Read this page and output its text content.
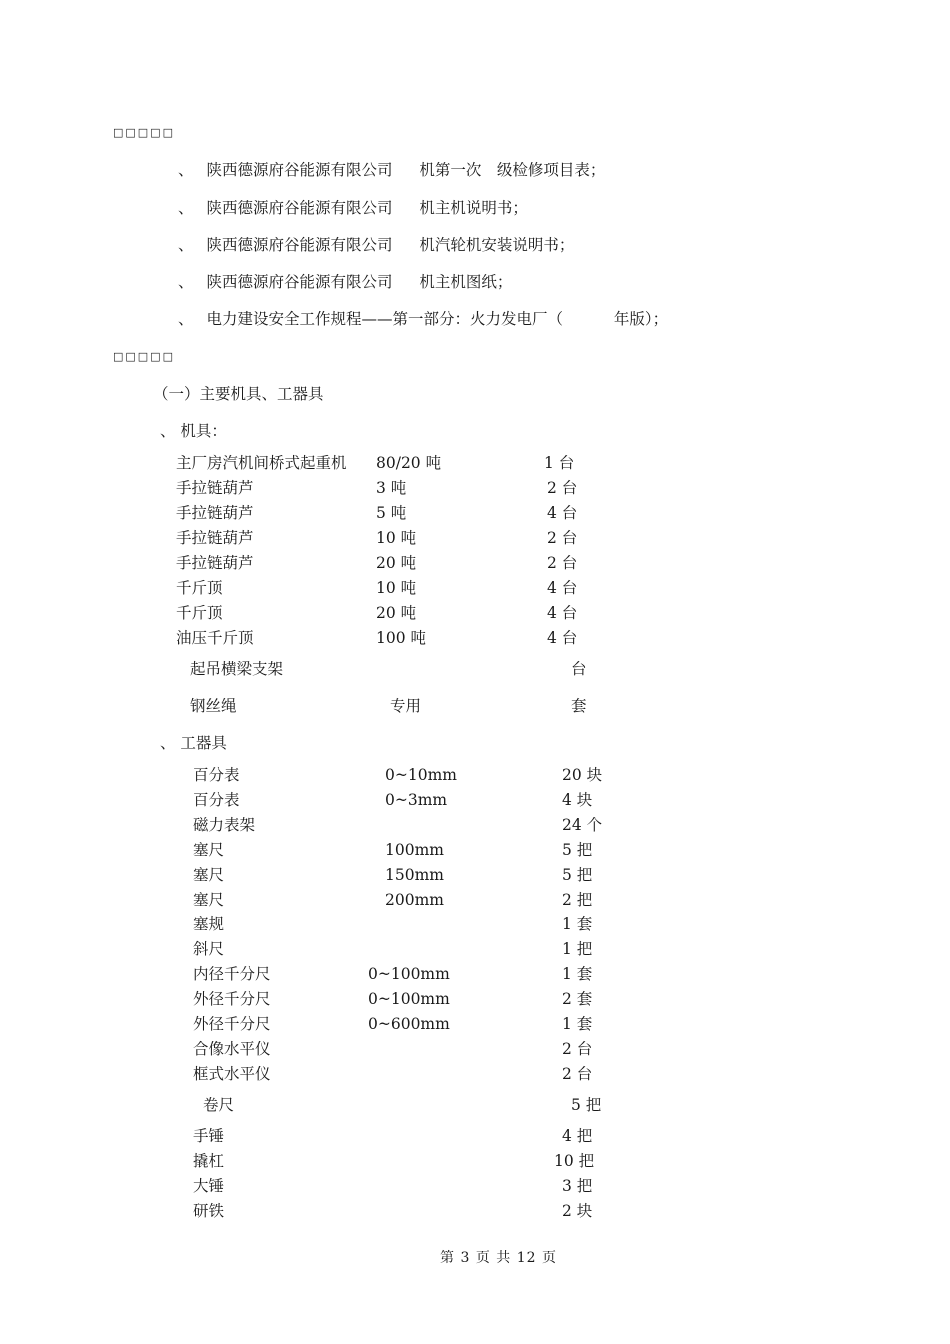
□□□□□
、 陕西德源府谷能源有限公司 机第一次　级检修项目表；
、 陕西德源府谷能源有限公司 机主机说明书；
、 陕西德源府谷能源有限公司 机汽轮机安装说明书；
、 陕西德源府谷能源有限公司 机主机图纸；
、 电力建设安全工作规程——第一部分：火力发电厂（	年版）；
□□□□□
（一）主要机具、工器具
、 机具：
主厂房汽机间桥式起重机 80/20 吨	1 台
手拉链葫芦	3 吨	2 台
手拉链葫芦	5 吨	4 台
手拉链葫芦	10 吨	2 台
手拉链葫芦	20 吨	2 台
千斤顶	10 吨	4 台
千斤顶	20 吨	4 台
油压千斤顶	100 吨	4 台
起吊横梁支架	台
钢丝绳	专用	套
、 工器具
百分表	0~10mm	20 块
百分表	0~3mm	4 块
磁力表架	24 个
塞尺	100mm	5 把
塞尺	150mm	5 把
塞尺	200mm	2 把
塞规	1 套
斜尺	1 把
内径千分尺	0~100mm	1 套
外径千分尺	0~100mm	2 套
外径千分尺	0~600mm	1 套
合像水平仪	2 台
框式水平仪	2 台
卷尺	5 把
手锤	4 把
撬杠	10 把
大锤	3 把
研铁	2 块
第 3 页 共 12 页
